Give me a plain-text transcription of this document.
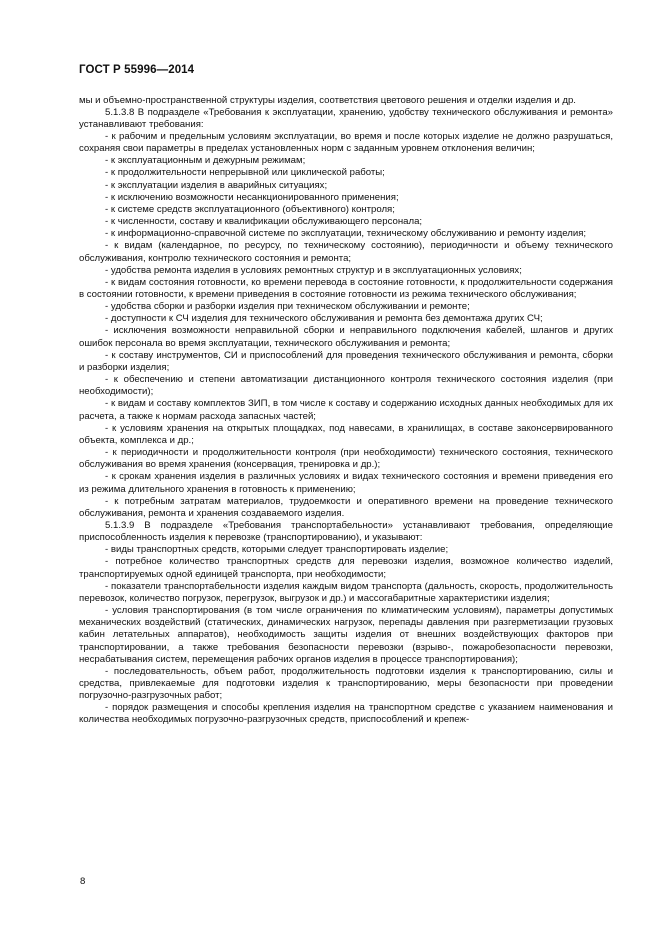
ГОСТ Р 55996—2014

мы и объемно-пространственной структуры изделия, соответствия цветового решения и отделки изделия и др.

5.1.3.8 В подразделе «Требования к эксплуатации, хранению, удобству технического обслуживания и ремонта» устанавливают требования:

- к рабочим и предельным условиям эксплуатации, во время и после которых изделие не должно разрушаться, сохраняя свои параметры в пределах установленных норм с заданным уровнем отклонения величин;

- к эксплуатационным и дежурным режимам;

- к продолжительности непрерывной или циклической работы;

- к эксплуатации изделия в аварийных ситуациях;

- к исключению возможности несанкционированного применения;

- к системе средств эксплуатационного (объективного) контроля;

- к численности, составу и квалификации обслуживающего персонала;

- к информационно-справочной системе по эксплуатации, техническому обслуживанию и ремонту изделия;

- к видам (календарное, по ресурсу, по техническому состоянию), периодичности и объему технического обслуживания, контролю технического состояния и ремонта;

- удобства ремонта изделия в условиях ремонтных структур и в эксплуатационных условиях;

- к видам состояния готовности, ко времени перевода в состояние готовности, к продолжительности содержания в состоянии готовности, к времени приведения в состояние готовности из режима технического обслуживания;

- удобства сборки и разборки изделия при техническом обслуживании и ремонте;

- доступности к СЧ изделия для технического обслуживания и ремонта без демонтажа других СЧ;

- исключения возможности неправильной сборки и неправильного подключения кабелей, шлангов и других ошибок персонала во время эксплуатации, технического обслуживания и ремонта;

- к составу инструментов, СИ и приспособлений для проведения технического обслуживания и ремонта, сборки и разборки изделия;

- к обеспечению и степени автоматизации дистанционного контроля технического состояния изделия (при необходимости);

- к видам и составу комплектов ЗИП, в том числе к составу и содержанию исходных данных необходимых для их расчета, а также к нормам расхода запасных частей;

- к условиям хранения на открытых площадках, под навесами, в хранилищах, в составе законсервированного объекта, комплекса и др.;

- к периодичности и продолжительности контроля (при необходимости) технического состояния, технического обслуживания во время хранения (консервация, тренировка и др.);

- к срокам хранения изделия в различных условиях и видах технического состояния и времени приведения его из режима длительного хранения в готовность к применению;

- к потребным затратам материалов, трудоемкости и оперативного времени на проведение технического обслуживания, ремонта и хранения создаваемого изделия.

5.1.3.9 В подразделе «Требования транспортабельности» устанавливают требования, определяющие приспособленность изделия к перевозке (транспортированию), и указывают:

- виды транспортных средств, которыми следует транспортировать изделие;

- потребное количество транспортных средств для перевозки изделия, возможное количество изделий, транспортируемых одной единицей транспорта, при необходимости;

- показатели транспортабельности изделия каждым видом транспорта (дальность, скорость, продолжительность перевозок, количество погрузок, перегрузок, выгрузок и др.) и массогабаритные характеристики изделия;

- условия транспортирования (в том числе ограничения по климатическим условиям), параметры допустимых механических воздействий (статических, динамических нагрузок, перепады давления при разгерметизации грузовых кабин летательных аппаратов), необходимость защиты изделия от внешних воздействующих факторов при транспортировании, а также требования безопасности перевозки (взрыво-, пожаробезопасности перевозки, несрабатывания систем, перемещения рабочих органов изделия в процессе транспортирования);

- последовательность, объем работ, продолжительность подготовки изделия к транспортированию, силы и средства, привлекаемые для подготовки изделия к транспортированию, меры безопасности при проведении погрузочно-разгрузочных работ;

- порядок размещения и способы крепления изделия на транспортном средстве с указанием наименования и количества необходимых погрузочно-разгрузочных средств, приспособлений и крепеж-

8
